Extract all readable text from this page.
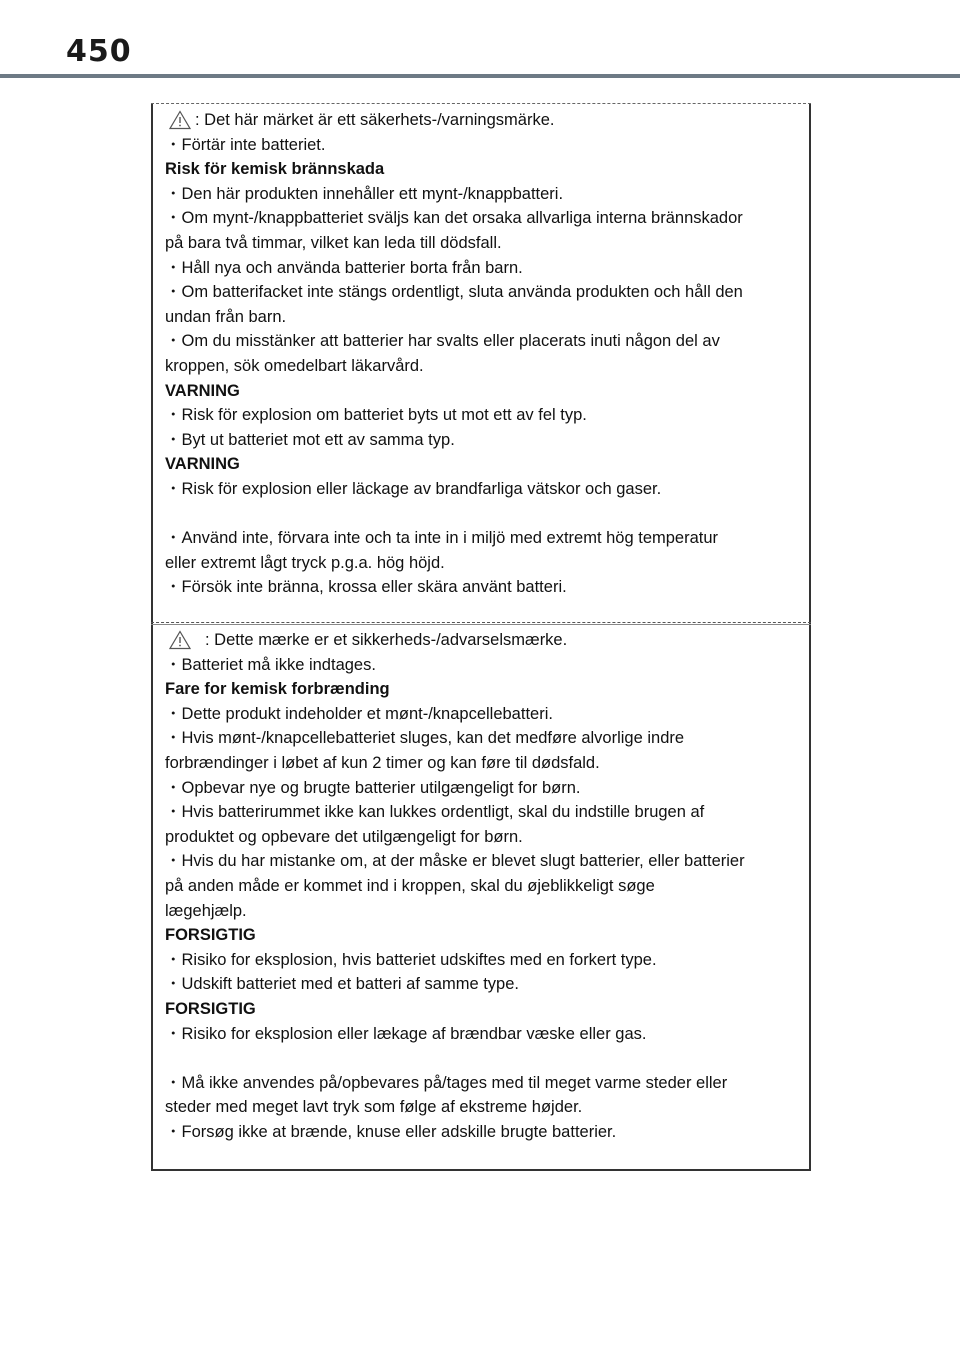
450
: Det här märket är ett säkerhets-/varningsmärke.
・Förtär inte batteriet.
Risk för kemisk brännskada
・Den här produkten innehåller ett mynt-/knappbatteri.
・Om mynt-/knappbatteriet sväljs kan det orsaka allvarliga interna brännskador
på bara två timmar, vilket kan leda till dödsfall.
・Håll nya och använda batterier borta från barn.
・Om batterifacket inte stängs ordentligt, sluta använda produkten och håll den
undan från barn.
・Om du misstänker att batterier har svalts eller placerats inuti någon del av
kroppen, sök omedelbart läkarvård.
VARNING
・Risk för explosion om batteriet byts ut mot ett av fel typ.
・Byt ut batteriet mot ett av samma typ.
VARNING
・Risk för explosion eller läckage av brandfarliga vätskor och gaser.
・Använd inte, förvara inte och ta inte in i miljö med extremt hög temperatur
eller extremt lågt tryck p.g.a. hög höjd.
・Försök inte bränna, krossa eller skära använt batteri.
: Dette mærke er et sikkerheds-/advarselsmærke.
・Batteriet må ikke indtages.
Fare for kemisk forbrænding
・Dette produkt indeholder et mønt-/knapcellebatteri.
・Hvis mønt-/knapcellebatteriet sluges, kan det medføre alvorlige indre
forbrændinger i løbet af kun 2 timer og kan føre til dødsfald.
・Opbevar nye og brugte batterier utilgængeligt for børn.
・Hvis batterirummet ikke kan lukkes ordentligt, skal du indstille brugen af
produktet og opbevare det utilgængeligt for børn.
・Hvis du har mistanke om, at der måske er blevet slugt batterier, eller batterier
på anden måde er kommet ind i kroppen, skal du øjeblikkeligt søge
lægehjælp.
FORSIGTIG
・Risiko for eksplosion, hvis batteriet udskiftes med en forkert type.
・Udskift batteriet med et batteri af samme type.
FORSIGTIG
・Risiko for eksplosion eller lækage af brændbar væske eller gas.
・Må ikke anvendes på/opbevares på/tages med til meget varme steder eller
steder med meget lavt tryk som følge af ekstreme højder.
・Forsøg ikke at brænde, knuse eller adskille brugte batterier.
